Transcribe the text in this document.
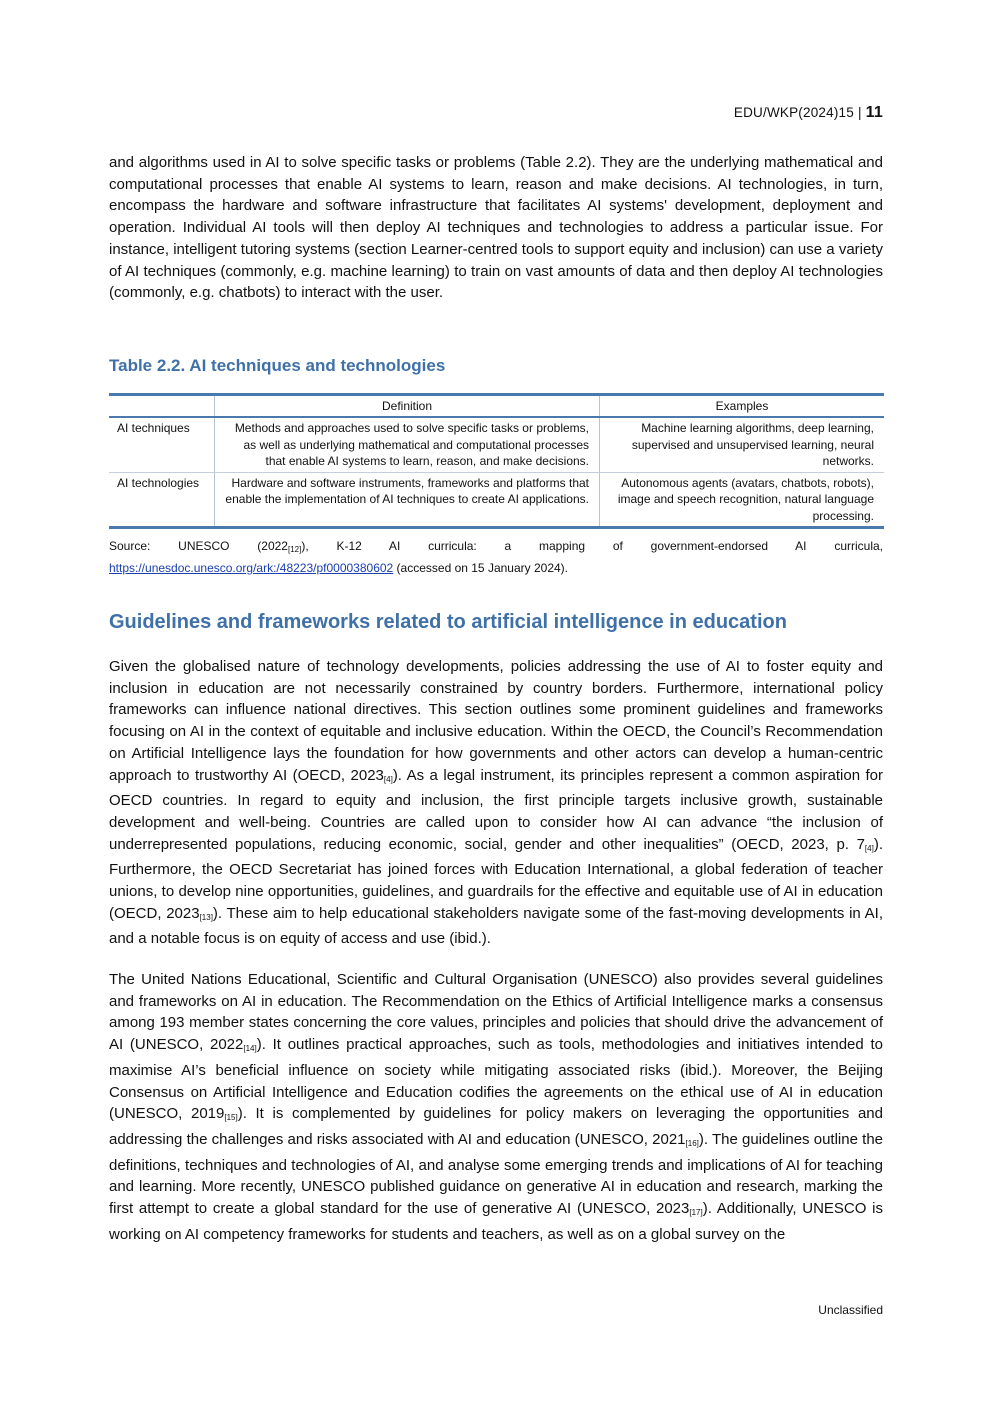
EDU/WKP(2024)15 | 11

and algorithms used in AI to solve specific tasks or problems (Table 2.2). They are the underlying mathematical and computational processes that enable AI systems to learn, reason and make decisions. AI technologies, in turn, encompass the hardware and software infrastructure that facilitates AI systems' development, deployment and operation. Individual AI tools will then deploy AI techniques and technologies to address a particular issue. For instance, intelligent tutoring systems (section Learner-centred tools to support equity and inclusion) can use a variety of AI techniques (commonly, e.g. machine learning) to train on vast amounts of data and then deploy AI technologies (commonly, e.g. chatbots) to interact with the user.

Table 2.2. AI techniques and technologies
	Definition	Examples
AI techniques	Methods and approaches used to solve specific tasks or problems, as well as underlying mathematical and computational processes that enable AI systems to learn, reason, and make decisions.	Machine learning algorithms, deep learning, supervised and unsupervised learning, neural networks.
AI technologies	Hardware and software instruments, frameworks and platforms that enable the implementation of AI techniques to create AI applications.	Autonomous agents (avatars, chatbots, robots), image and speech recognition, natural language processing.

Source: UNESCO $(2022_{[12]})$, K-12 AI curricula: a mapping of government-endorsed AI curricula,
https://unesdoc.unesco.org/ark:/48223/pf0000380602 (accessed on 15 January 2024).

Guidelines and frameworks related to artificial intelligence in education

Given the globalised nature of technology developments, policies addressing the use of AI to foster equity and inclusion in education are not necessarily constrained by country borders. Furthermore, international policy frameworks can influence national directives. This section outlines some prominent guidelines and frameworks focusing on AI in the context of equitable and inclusive education. Within the OECD, the Council’s Recommendation on Artificial Intelligence lays the foundation for how governments and other actors can develop a human-centric approach to trustworthy AI (OECD, $2023_{[4]}$). As a legal instrument, its principles represent a common aspiration for OECD countries. In regard to equity and inclusion, the first principle targets inclusive growth, sustainable development and well-being. Countries are called upon to consider how AI can advance “the inclusion of underrepresented populations, reducing economic, social, gender and other inequalities” (OECD, 2023, p. $7_{[4]}$). Furthermore, the OECD Secretariat has joined forces with Education International, a global federation of teacher unions, to develop nine opportunities, guidelines, and guardrails for the effective and equitable use of AI in education (OECD, $2023_{[13]}$). These aim to help educational stakeholders navigate some of the fast-moving developments in AI, and a notable focus is on equity of access and use (ibid.).

The United Nations Educational, Scientific and Cultural Organisation (UNESCO) also provides several guidelines and frameworks on AI in education. The Recommendation on the Ethics of Artificial Intelligence marks a consensus among 193 member states concerning the core values, principles and policies that should drive the advancement of AI (UNESCO, $2022_{[14]}$). It outlines practical approaches, such as tools, methodologies and initiatives intended to maximise AI’s beneficial influence on society while mitigating associated risks (ibid.). Moreover, the Beijing Consensus on Artificial Intelligence and Education codifies the agreements on the ethical use of AI in education (UNESCO, $2019_{[15]}$). It is complemented by guidelines for policy makers on leveraging the opportunities and addressing the challenges and risks associated with AI and education (UNESCO, $2021_{[16]}$). The guidelines outline the definitions, techniques and technologies of AI, and analyse some emerging trends and implications of AI for teaching and learning. More recently, UNESCO published guidance on generative AI in education and research, marking the first attempt to create a global standard for the use of generative AI (UNESCO, $2023_{[17]}$). Additionally, UNESCO is working on AI competency frameworks for students and teachers, as well as on a global survey on the

Unclassified
